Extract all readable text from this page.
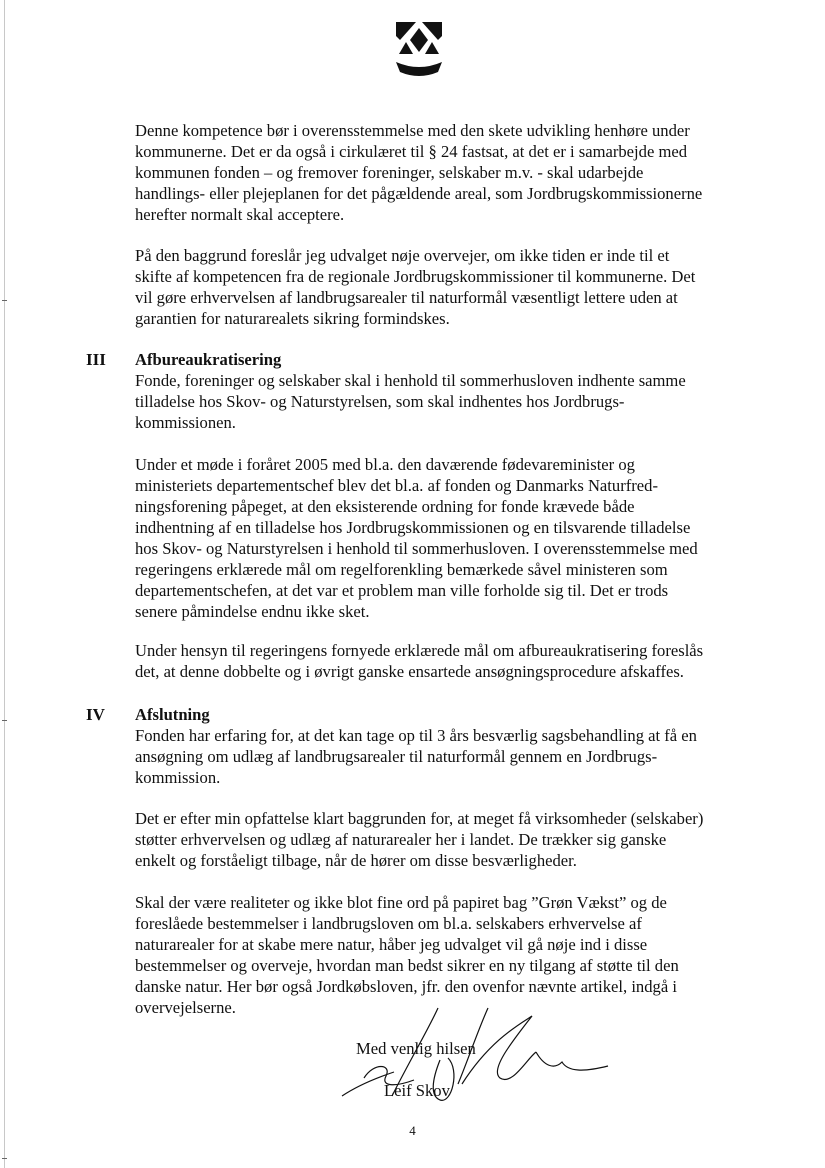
Denne kompetence bør i overensstemmelse med den skete udvikling henhøre under
kommunerne. Det er da også i cirkulæret til § 24 fastsat, at det er i samarbejde med
kommunen fonden – og fremover foreninger, selskaber m.v. - skal udarbejde
handlings- eller plejeplanen for det pågældende areal, som Jordbrugskommissionerne
herefter normalt skal acceptere.
På den baggrund foreslår jeg udvalget nøje overvejer, om ikke tiden er inde til et
skifte af kompetencen fra de regionale Jordbrugskommissioner til kommunerne. Det
vil gøre erhvervelsen af landbrugsarealer til naturformål væsentligt lettere uden at
garantien for naturarealets sikring formindskes.
III Afbureaukratisering
Fonde, foreninger og selskaber skal i henhold til sommerhusloven indhente samme
tilladelse hos Skov- og Naturstyrelsen, som skal indhentes hos Jordbrugs-
kommissionen.
Under et møde i foråret 2005 med bl.a. den daværende fødevareminister og
ministeriets departementschef blev det bl.a. af fonden og Danmarks Naturfred-
ningsforening påpeget, at den eksisterende ordning for fonde krævede både
indhentning af en tilladelse hos Jordbrugskommissionen og en tilsvarende tilladelse
hos Skov- og Naturstyrelsen i henhold til sommerhusloven. I overensstemmelse med
regeringens erklærede mål om regelforenkling bemærkede såvel ministeren som
departementschefen, at det var et problem man ville forholde sig til. Det er trods
senere påmindelse endnu ikke sket.
Under hensyn til regeringens fornyede erklærede mål om afbureaukratisering foreslås
det, at denne dobbelte og i øvrigt ganske ensartede ansøgningsprocedure afskaffes.
IV Afslutning
Fonden har erfaring for, at det kan tage op til 3 års besværlig sagsbehandling at få en
ansøgning om udlæg af landbrugsarealer til naturformål gennem en Jordbrugs-
kommission.
Det er efter min opfattelse klart baggrunden for, at meget få virksomheder (selskaber)
støtter erhvervelsen og udlæg af naturarealer her i landet. De trækker sig ganske
enkelt og forståeligt tilbage, når de hører om disse besværligheder.
Skal der være realiteter og ikke blot fine ord på papiret bag ”Grøn Vækst” og de
foreslåede bestemmelser i landbrugsloven om bl.a. selskabers erhvervelse af
naturarealer for at skabe mere natur, håber jeg udvalget vil gå nøje ind i disse
bestemmelser og overveje, hvordan man bedst sikrer en ny tilgang af støtte til den
danske natur. Her bør også Jordkøbsloven, jfr. den ovenfor nævnte artikel, indgå i
overvejelserne.
Med venlig hilsen
Leif Skov
4
